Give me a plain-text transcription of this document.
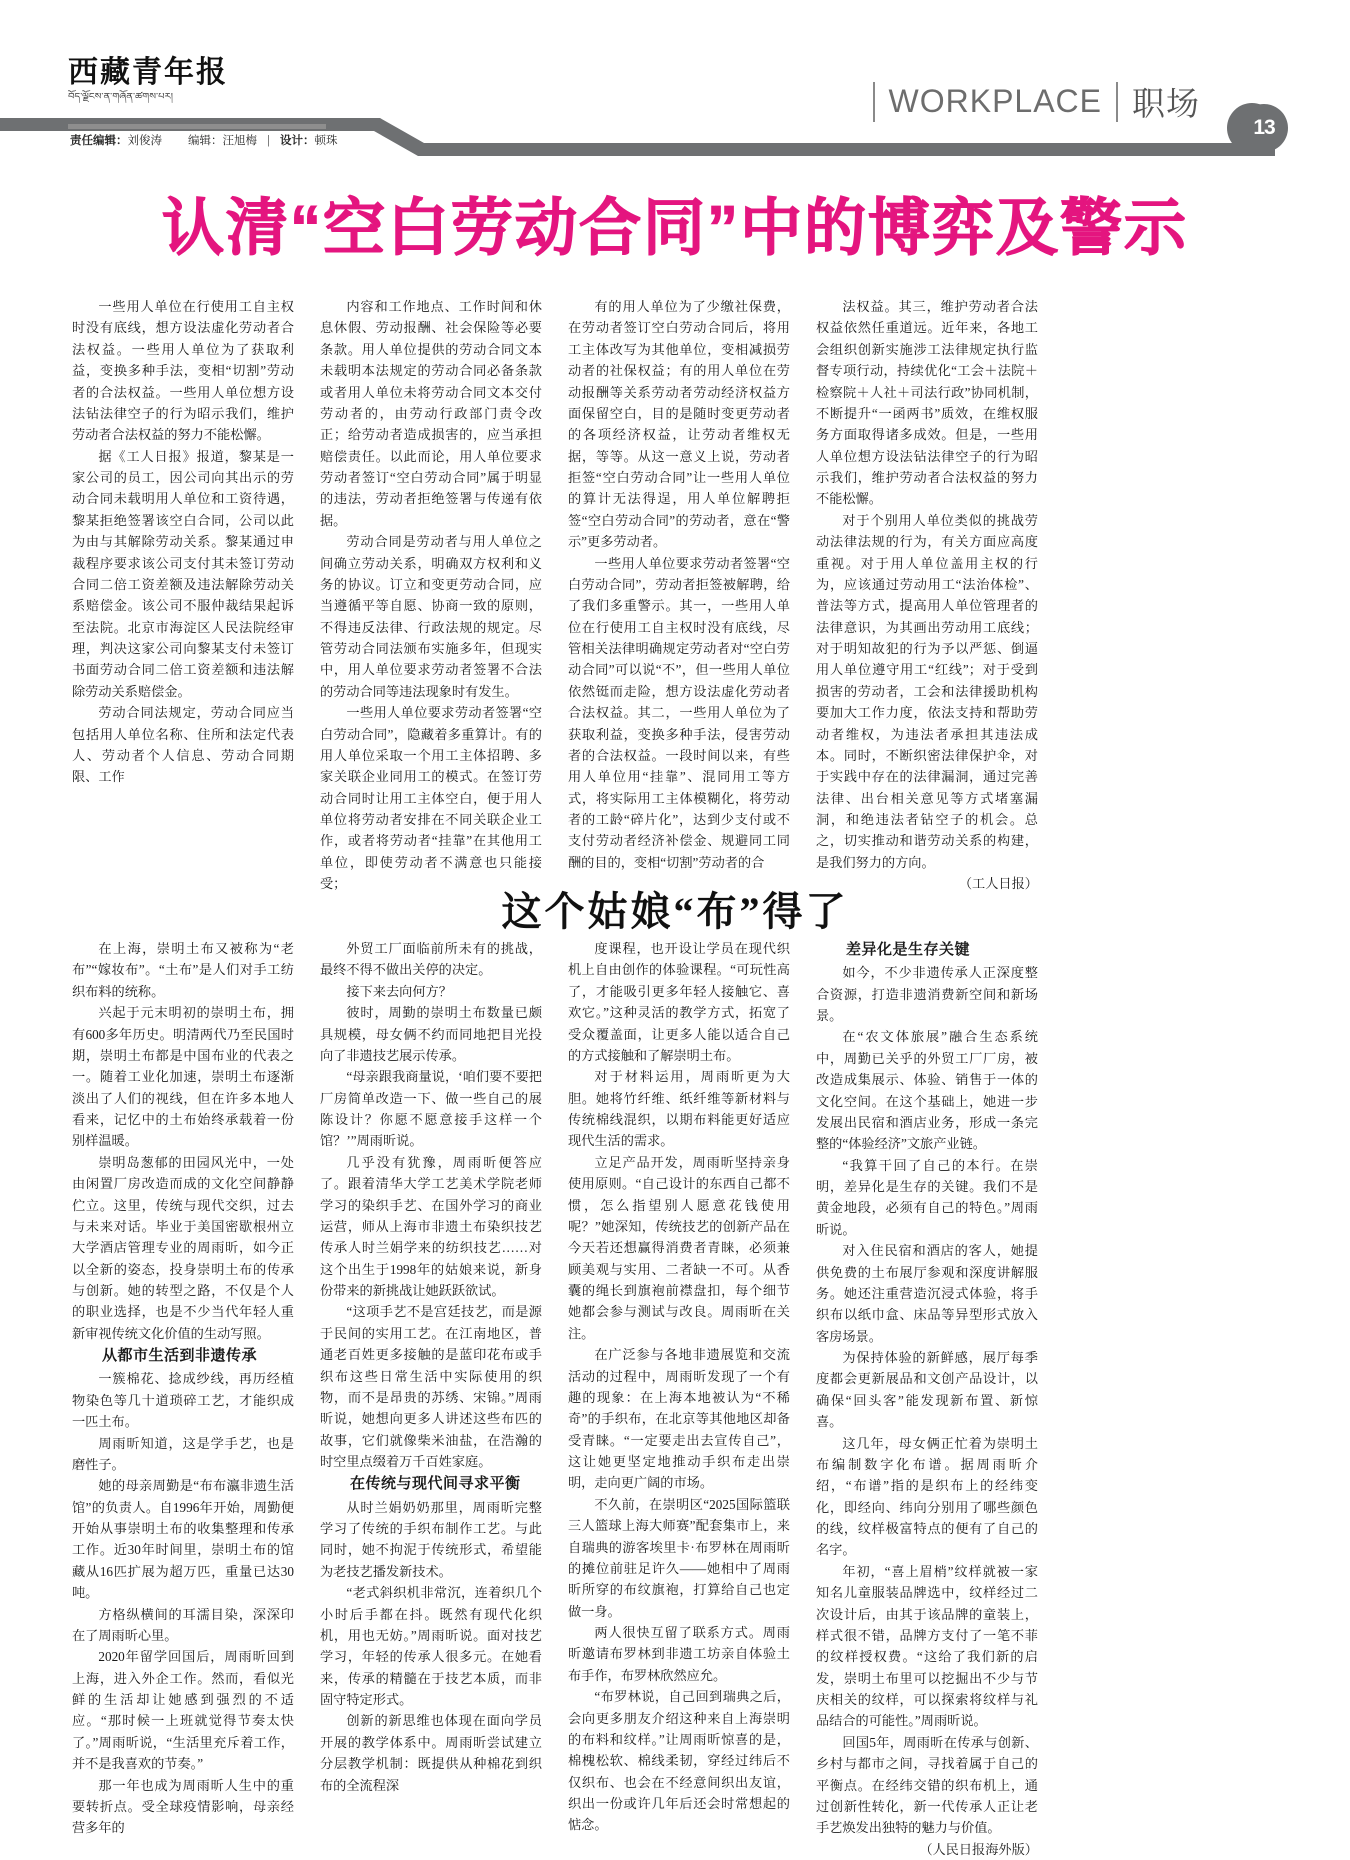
西藏青年报
བོད་ལྗོངས་ན་གཞོན་ཚགས་པར།
责任编辑：刘俊涛 编辑：汪旭梅 | 设计：顿珠
WORKPLACE 职场
13
认清“空白劳动合同”中的博弈及警示

一些用人单位在行使用工自主权时没有底线，想方设法虚化劳动者合法权益。一些用人单位为了获取利益，变换多种手法，变相“切割”劳动者的合法权益。一些用人单位想方设法钻法律空子的行为昭示我们，维护劳动者合法权益的努力不能松懈。

据《工人日报》报道，黎某是一家公司的员工，因公司向其出示的劳动合同未载明用人单位和工资待遇，黎某拒绝签署该空白合同，公司以此为由与其解除劳动关系。黎某通过申裁程序要求该公司支付其未签订劳动合同二倍工资差额及违法解除劳动关系赔偿金。该公司不服仲裁结果起诉至法院。北京市海淀区人民法院经审理，判决这家公司向黎某支付未签订书面劳动合同二倍工资差额和违法解除劳动关系赔偿金。

劳动合同法规定，劳动合同应当包括用人单位名称、住所和法定代表人、劳动者个人信息、劳动合同期限、工作

内容和工作地点、工作时间和休息休假、劳动报酬、社会保险等必要条款。用人单位提供的劳动合同文本未载明本法规定的劳动合同必备条款或者用人单位未将劳动合同文本交付劳动者的，由劳动行政部门责令改正；给劳动者造成损害的，应当承担赔偿责任。以此而论，用人单位要求劳动者签订“空白劳动合同”属于明显的违法，劳动者拒绝签署与传递有依据。

劳动合同是劳动者与用人单位之间确立劳动关系，明确双方权利和义务的协议。订立和变更劳动合同，应当遵循平等自愿、协商一致的原则，不得违反法律、行政法规的规定。尽管劳动合同法颁布实施多年，但现实中，用人单位要求劳动者签署不合法的劳动合同等违法现象时有发生。

一些用人单位要求劳动者签署“空白劳动合同”，隐藏着多重算计。有的用人单位采取一个用工主体招聘、多家关联企业同用工的模式。在签订劳动合同时让用工主体空白，便于用人单位将劳动者安排在不同关联企业工作，或者将劳动者“挂靠”在其他用工单位，即使劳动者不满意也只能接受；

有的用人单位为了少缴社保费，在劳动者签订空白劳动合同后，将用工主体改写为其他单位，变相减损劳动者的社保权益；有的用人单位在劳动报酬等关系劳动者劳动经济权益方面保留空白，目的是随时变更劳动者的各项经济权益，让劳动者维权无据，等等。从这一意义上说，劳动者拒签“空白劳动合同”让一些用人单位的算计无法得逞，用人单位解聘拒签“空白劳动合同”的劳动者，意在“警示”更多劳动者。

一些用人单位要求劳动者签署“空白劳动合同”，劳动者拒签被解聘，给了我们多重警示。其一，一些用人单位在行使用工自主权时没有底线，尽管相关法律明确规定劳动者对“空白劳动合同”可以说“不”，但一些用人单位依然铤而走险，想方设法虚化劳动者合法权益。其二，一些用人单位为了获取利益，变换多种手法，侵害劳动者的合法权益。一段时间以来，有些用人单位用“挂靠”、混同用工等方式，将实际用工主体模糊化，将劳动者的工龄“碎片化”，达到少支付或不支付劳动者经济补偿金、规避同工同酬的目的，变相“切割”劳动者的合

法权益。其三，维护劳动者合法权益依然任重道远。近年来，各地工会组织创新实施涉工法律规定执行监督专项行动，持续优化“工会＋法院＋检察院＋人社＋司法行政”协同机制，不断提升“一函两书”质效，在维权服务方面取得诸多成效。但是，一些用人单位想方设法钻法律空子的行为昭示我们，维护劳动者合法权益的努力不能松懈。

对于个别用人单位类似的挑战劳动法律法规的行为，有关方面应高度重视。对于用人单位盖用主权的行为，应该通过劳动用工“法治体检”、普法等方式，提高用人单位管理者的法律意识，为其画出劳动用工底线；对于明知故犯的行为予以严惩、倒逼用人单位遵守用工“红线”；对于受到损害的劳动者，工会和法律援助机构要加大工作力度，依法支持和帮助劳动者维权，为违法者承担其违法成本。同时，不断织密法律保护伞，对于实践中存在的法律漏洞，通过完善法律、出台相关意见等方式堵塞漏洞，和绝违法者钻空子的机会。总之，切实推动和谐劳动关系的构建，是我们努力的方向。

（工人日报）

这个姑娘“布”得了

在上海，崇明土布又被称为“老布”“嫁妆布”。“土布”是人们对手工纺织布料的统称。

兴起于元末明初的崇明土布，拥有600多年历史。明清两代乃至民国时期，崇明土布都是中国布业的代表之一。随着工业化加速，崇明土布逐渐淡出了人们的视线，但在许多本地人看来，记忆中的土布始终承载着一份别样温暖。

崇明岛葱郁的田园风光中，一处由闲置厂房改造而成的文化空间静静伫立。这里，传统与现代交织，过去与未来对话。毕业于美国密歇根州立大学酒店管理专业的周雨昕，如今正以全新的姿态，投身崇明土布的传承与创新。她的转型之路，不仅是个人的职业选择，也是不少当代年轻人重新审视传统文化价值的生动写照。

从都市生活到非遗传承

一簇棉花、捻成纱线，再历经植物染色等几十道琐碎工艺，才能织成一匹土布。

周雨昕知道，这是学手艺，也是磨性子。

她的母亲周勤是“布布瀛非遗生活馆”的负责人。自1996年开始，周勤便开始从事崇明土布的收集整理和传承工作。近30年时间里，崇明土布的馆藏从16匹扩展为超万匹，重量已达30吨。

方格纵横间的耳濡目染，深深印在了周雨昕心里。

2020年留学回国后，周雨昕回到上海，进入外企工作。然而，看似光鲜的生活却让她感到强烈的不适应。“那时候一上班就觉得节奏太快了。”周雨昕说，“生活里充斥着工作，并不是我喜欢的节奏。”

那一年也成为周雨昕人生中的重要转折点。受全球疫情影响，母亲经营多年的

外贸工厂面临前所未有的挑战，最终不得不做出关停的决定。

接下来去向何方？

彼时，周勤的崇明土布数量已颇具规模，母女俩不约而同地把目光投向了非遗技艺展示传承。

“母亲跟我商量说，‘咱们要不要把厂房简单改造一下、做一些自己的展陈设计？你愿不愿意接手这样一个馆？’”周雨昕说。

几乎没有犹豫，周雨昕便答应了。跟着清华大学工艺美术学院老师学习的染织手艺、在国外学习的商业运营，师从上海市非遗土布染织技艺传承人时兰娟学来的纺织技艺……对这个出生于1998年的姑娘来说，新身份带来的新挑战让她跃跃欲试。

“这项手艺不是宫廷技艺，而是源于民间的实用工艺。在江南地区，普通老百姓更多接触的是蓝印花布或手织布这些日常生活中实际使用的织物，而不是昂贵的苏绣、宋锦。”周雨昕说，她想向更多人讲述这些布匹的故事，它们就像柴米油盐，在浩瀚的时空里点缀着万千百姓家庭。

在传统与现代间寻求平衡

从时兰娟奶奶那里，周雨昕完整学习了传统的手织布制作工艺。与此同时，她不拘泥于传统形式，希望能为老技艺播发新技术。

“老式斜织机非常沉，连着织几个小时后手都在抖。既然有现代化织机，用也无妨。”周雨昕说。面对技艺学习，年轻的传承人很多元。在她看来，传承的精髓在于技艺本质，而非固守特定形式。

创新的新思维也体现在面向学员开展的教学体系中。周雨昕尝试建立分层教学机制：既提供从种棉花到织布的全流程深

度课程，也开设让学员在现代织机上自由创作的体验课程。“可玩性高了，才能吸引更多年轻人接触它、喜欢它。”这种灵活的教学方式，拓宽了受众覆盖面，让更多人能以适合自己的方式接触和了解崇明土布。

对于材料运用，周雨昕更为大胆。她将竹纤维、纸纤维等新材料与传统棉线混织，以期布料能更好适应现代生活的需求。

立足产品开发，周雨昕坚持亲身使用原则。“自己设计的东西自己都不惯，怎么指望别人愿意花钱使用呢？”她深知，传统技艺的创新产品在今天若还想赢得消费者青睐，必须兼顾美观与实用、二者缺一不可。从香囊的绳长到旗袍前襟盘扣，每个细节她都会参与测试与改良。周雨昕在关注。

在广泛参与各地非遗展览和交流活动的过程中，周雨昕发现了一个有趣的现象：在上海本地被认为“不稀奇”的手织布，在北京等其他地区却备受青睐。“一定要走出去宣传自己”，这让她更坚定地推动手织布走出崇明，走向更广阔的市场。

不久前，在崇明区“2025国际篮联三人篮球上海大师赛”配套集市上，来自瑞典的游客埃里卡·布罗林在周雨昕的摊位前驻足许久——她相中了周雨昕所穿的布纹旗袍，打算给自己也定做一身。

两人很快互留了联系方式。周雨昕邀请布罗林到非遗工坊亲自体验土布手作，布罗林欣然应允。

“布罗林说，自己回到瑞典之后，会向更多朋友介绍这种来自上海崇明的布料和纹样。”让周雨昕惊喜的是，棉槐松软、棉线柔韧，穿经过纬后不仅织布、也会在不经意间织出友谊，织出一份或许几年后还会时常想起的惦念。

差异化是生存关键

如今，不少非遗传承人正深度整合资源，打造非遗消费新空间和新场景。

在“农文体旅展”融合生态系统中，周勤已关乎的外贸工厂厂房，被改造成集展示、体验、销售于一体的文化空间。在这个基础上，她进一步发展出民宿和酒店业务，形成一条完整的“体验经济”文旅产业链。

“我算干回了自己的本行。在崇明，差异化是生存的关键。我们不是黄金地段，必须有自己的特色。”周雨昕说。

对入住民宿和酒店的客人，她提供免费的土布展厅参观和深度讲解服务。她还注重营造沉浸式体验，将手织布以纸巾盒、床品等异型形式放入客房场景。

为保持体验的新鲜感，展厅每季度都会更新展品和文创产品设计，以确保“回头客”能发现新布置、新惊喜。

这几年，母女俩正忙着为崇明土布编制数字化布谱。据周雨昕介绍，“布谱”指的是织布上的经纬变化，即经向、纬向分别用了哪些颜色的线，纹样极富特点的便有了自己的名字。

年初，“喜上眉梢”纹样就被一家知名儿童服装品牌选中，纹样经过二次设计后，由其于该品牌的童装上，样式很不错，品牌方支付了一笔不菲的纹样授权费。“这给了我们新的启发，崇明土布里可以挖掘出不少与节庆相关的纹样，可以探索将纹样与礼品结合的可能性。”周雨昕说。

回国5年，周雨昕在传承与创新、乡村与都市之间，寻找着属于自己的平衡点。在经纬交错的织布机上，通过创新性转化，新一代传承人正让老手艺焕发出独特的魅力与价值。

（人民日报海外版）
